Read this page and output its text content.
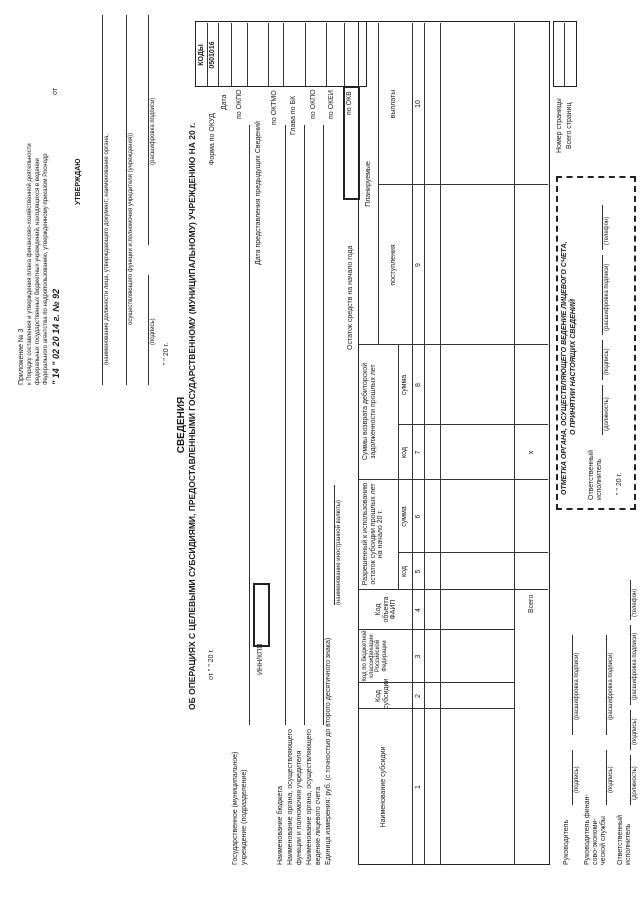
Приложение № 3 к Порядку составления и утверждения плана финансово-хозяйственной деятельности федеральных государственных бюджетных учреждений, находящихся в ведении Федерального агентства по недропользованию, утвержденному приказом Роснедр " 14 " 02 20 14 г. № 92
от
УТВЕРЖДАЮ	(наименование должности лица, утверждающего документ; наименование органа,	осуществляющего функции и полномочия учредителя (учреждения))
(подпись)
(расшифровка подписи)
" " 20 г.
СВЕДЕНИЯ ОБ ОПЕРАЦИЯХ С ЦЕЛЕВЫМИ СУБСИДИЯМИ, ПРЕДОСТАВЛЕННЫМИ ГОСУДАРСТВЕННОМУ (МУНИЦИПАЛЬНОМУ) УЧРЕЖДЕНИЮ НА 20 г.
КОДЫ 0501016
Форма по ОКУД
Дата по ОКПО
Дата представления предыдущих Сведений
по ОКТМО Глава по БК по ОКПО по ОКЕИ по ОКВ
от " " 20 г.
Государственное (муниципальное) учреждение (подразделение)
ИНН/КПП
Наименование бюджета Наименование органа, осуществляющего функции и полномочия учредителя Наименование органа, осуществляющего ведение лицевого счета Единица измерения: руб. (с точностью до второго десятичного знака)
(наименование иностранной валюты)
Остаток средств на начало года
Наименование субсидии
Код субсидии
Код по бюджетной классификации Российской Федерации
Код объекта ФАИП
Разрешенный к использованию остаток субсидии прошлых лет на начало 20 г.
Суммы возврата дебиторской задолженности прошлых лет
Планируемые
код
сумма
код
сумма
поступления
выплаты
1
2
3
4
5
6
7
8
9
10
Всего
х
Номер страницы Всего страниц
Руководитель
(подпись)
(расшифровка подписи)
Руководитель финан- сово-экономи- ческой службы
(подпись)
(расшифровка подписи)
Ответственный исполнитель
(должность)
(подпись)
(расшифровка подписи)
(телефон)
ОТМЕТКА ОРГАНА, ОСУЩЕСТВЛЯЮЩЕГО ВЕДЕНИЕ ЛИЦЕВОГО СЧЕТА, О ПРИНЯТИИ НАСТОЯЩИХ СВЕДЕНИЙ
Ответственный исполнитель
(должность)
(подпись)
(расшифровка подписи)
(телефон)
" " 20 г.
